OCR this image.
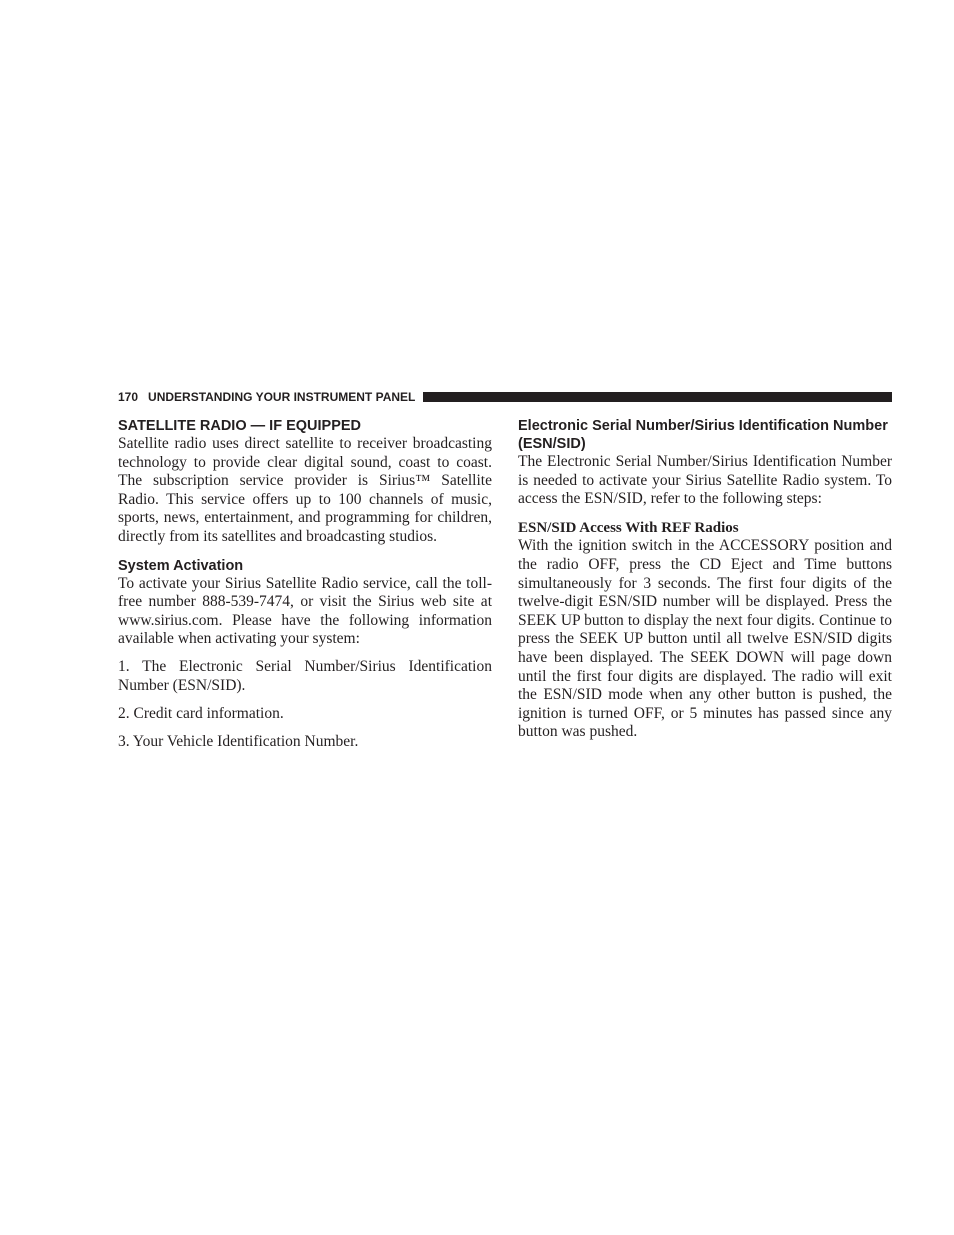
170 UNDERSTANDING YOUR INSTRUMENT PANEL
SATELLITE RADIO — IF EQUIPPED

Satellite radio uses direct satellite to receiver broadcasting technology to provide clear digital sound, coast to coast. The subscription service provider is Sirius™ Satellite Radio. This service offers up to 100 channels of music, sports, news, entertainment, and programming for children, directly from its satellites and broadcasting studios.

System Activation

To activate your Sirius Satellite Radio service, call the toll-free number 888-539-7474, or visit the Sirius web site at www.sirius.com. Please have the following information available when activating your system:

1. The Electronic Serial Number/Sirius Identification Number (ESN/SID).

2. Credit card information.

3. Your Vehicle Identification Number.

Electronic Serial Number/Sirius Identification Number (ESN/SID)

The Electronic Serial Number/Sirius Identification Number is needed to activate your Sirius Satellite Radio system. To access the ESN/SID, refer to the following steps:

ESN/SID Access With REF Radios

With the ignition switch in the ACCESSORY position and the radio OFF, press the CD Eject and Time buttons simultaneously for 3 seconds. The first four digits of the twelve-digit ESN/SID number will be displayed. Press the SEEK UP button to display the next four digits. Continue to press the SEEK UP button until all twelve ESN/SID digits have been displayed. The SEEK DOWN will page down until the first four digits are displayed. The radio will exit the ESN/SID mode when any other button is pushed, the ignition is turned OFF, or 5 minutes has passed since any button was pushed.
